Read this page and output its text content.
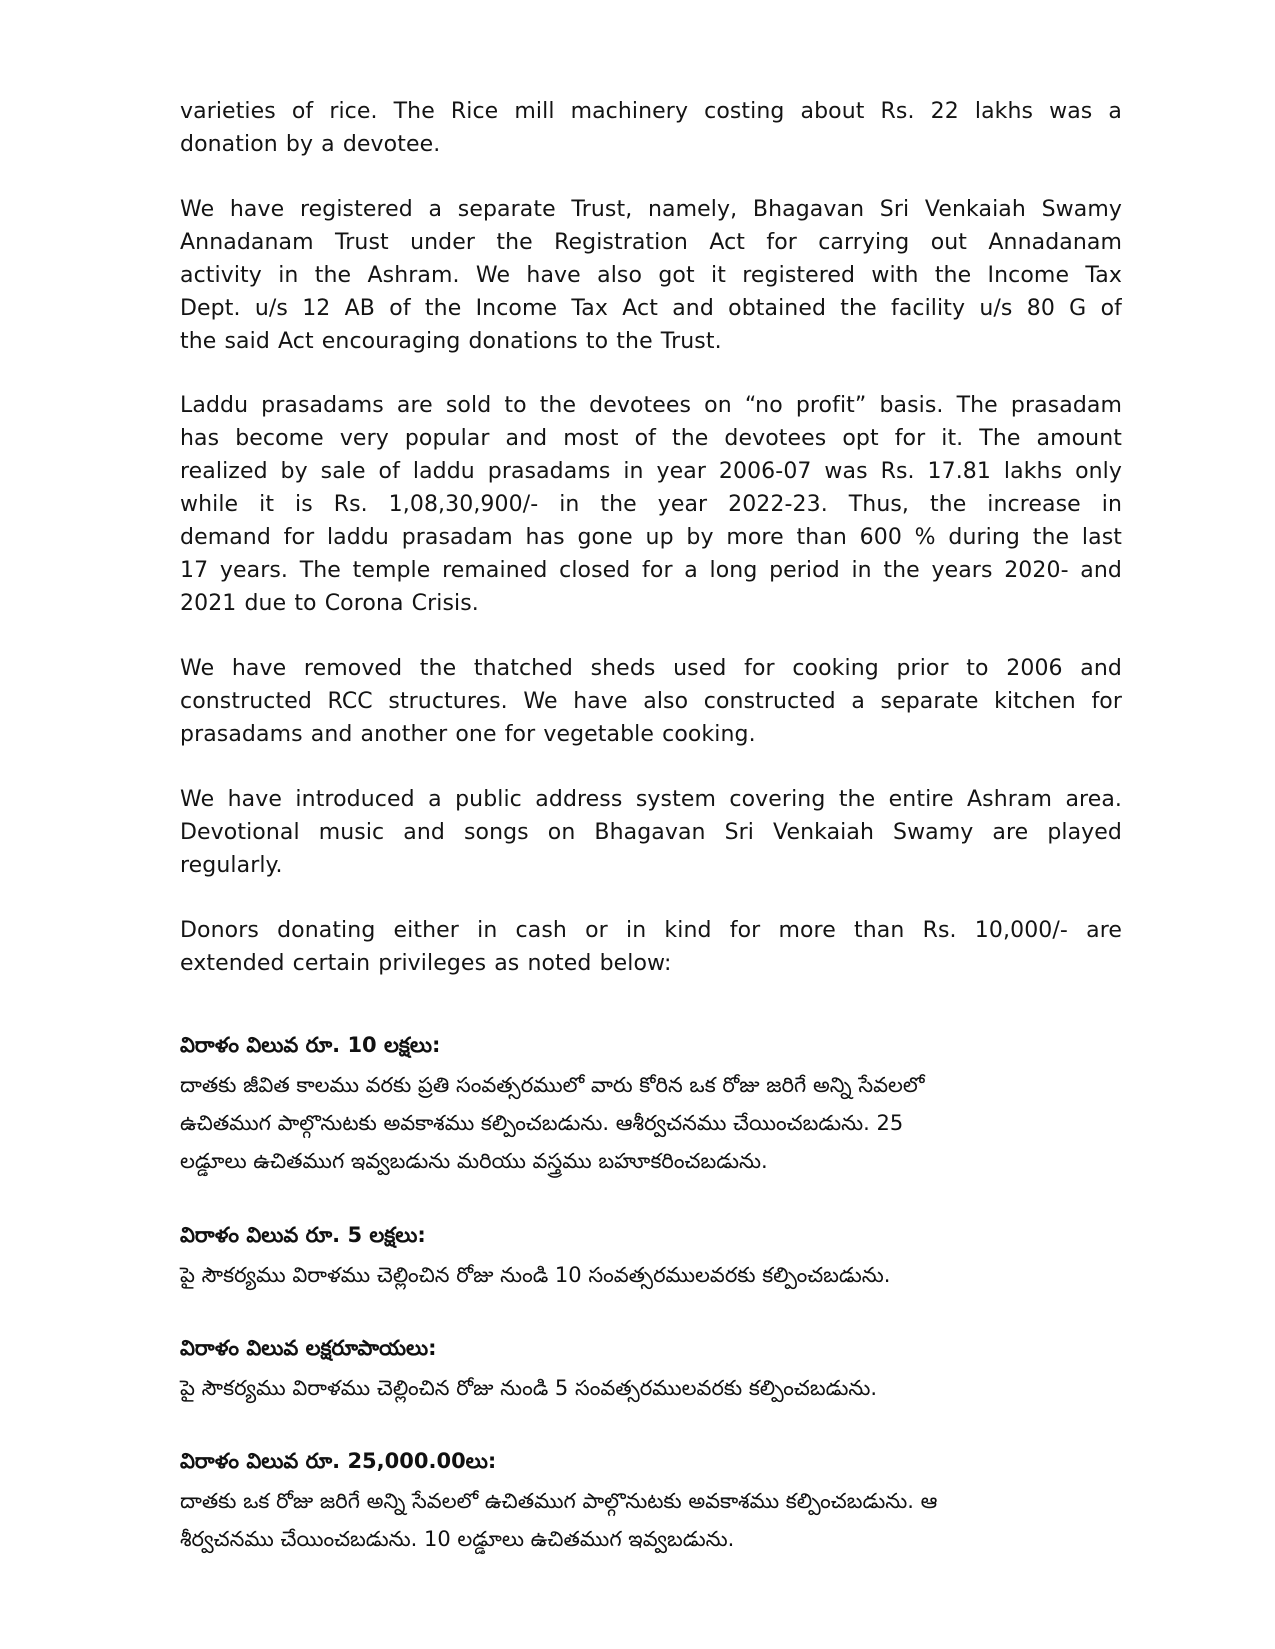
varieties of rice. The Rice mill machinery costing about Rs. 22 lakhs was a
donation by a devotee.
We have registered a separate Trust, namely, Bhagavan Sri Venkaiah Swamy
Annadanam Trust under the Registration Act for carrying out Annadanam
activity in the Ashram. We have also got it registered with the Income Tax
Dept. u/s 12 AB of the Income Tax Act and obtained the facility u/s 80 G of
the said Act encouraging donations to the Trust.
Laddu prasadams are sold to the devotees on “no profit” basis. The prasadam
has become very popular and most of the devotees opt for it. The amount
realized by sale of laddu prasadams in year 2006-07 was Rs. 17.81 lakhs only
while it is Rs. 1,08,30,900/- in the year 2022-23. Thus, the increase in
demand for laddu prasadam has gone up by more than 600 % during the last
17 years. The temple remained closed for a long period in the years 2020- and
2021 due to Corona Crisis.
We have removed the thatched sheds used for cooking prior to 2006 and
constructed RCC structures. We have also constructed a separate kitchen for
prasadams and another one for vegetable cooking.
We have introduced a public address system covering the entire Ashram area.
Devotional music and songs on Bhagavan Sri Venkaiah Swamy are played
regularly.
Donors donating either in cash or in kind for more than Rs. 10,000/- are
extended certain privileges as noted below:
విరాళం విలువ రూ. 10 లక్షలు:
దాతకు జీవిత కాలము వరకు ప్రతి సంవత్సరములో వారు కోరిన ఒక రోజు జరిగే అన్ని సేవలలో
ఉచితముగ పాల్గొనుటకు అవకాశము కల్పించబడును. ఆశీర్వచనము చేయించబడును. 25
లడ్డూలు ఉచితముగ ఇవ్వబడును మరియు వస్త్రము బహూకరించబడును.
విరాళం విలువ రూ. 5 లక్షలు:
పై సౌకర్యము విరాళము చెల్లించిన రోజు నుండి 10 సంవత్సరములవరకు కల్పించబడును.
విరాళం విలువ లక్షరూపాయలు:
పై సౌకర్యము విరాళము చెల్లించిన రోజు నుండి 5 సంవత్సరములవరకు కల్పించబడును.
విరాళం విలువ రూ. 25,000.00లు:
దాతకు ఒక రోజు జరిగే అన్ని సేవలలో ఉచితముగ పాల్గొనుటకు అవకాశము కల్పించబడును. ఆ
శీర్వచనము చేయించబడును. 10 లడ్డూలు ఉచితముగ ఇవ్వబడును.
